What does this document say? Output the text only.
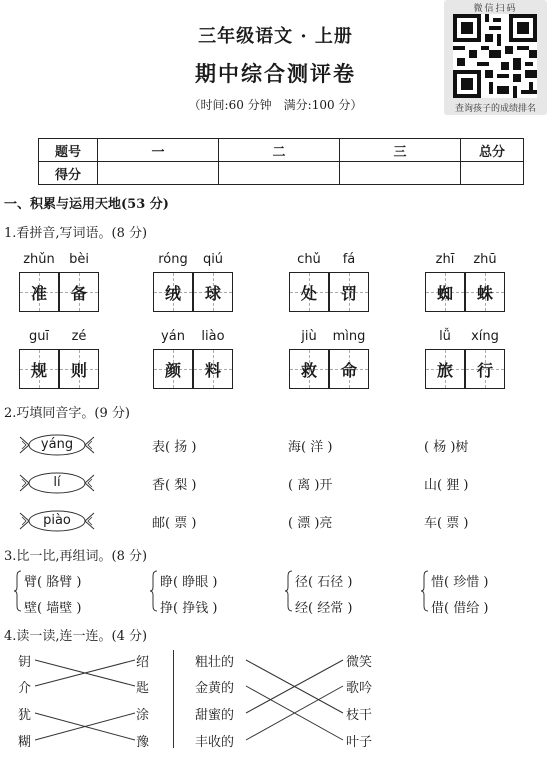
三年级语文 · 上册
期中综合测评卷
（时间:60 分钟　满分:100 分）
微信扫码
查询孩子的成绩排名
题号	一	二	三	总分
得分				
一、积累与运用天地(53 分)
1.看拼音,写词语。(8 分)
zhǔn	bèi
准 备
róng	qiú
绒 球
chǔ	fá
处 罚
zhī	zhū
蜘 蛛
guī	zé
规 则
yán	liào
颜 料
jiù	mìng
救 命
lǚ	xíng
旅 行
2.巧填同音字。(9 分)
yáng	表( 扬 )	海( 洋 )	( 杨 )树
lí	香( 梨 )	( 离 )开	山( 狸 )
piào	邮( 票 )	( 漂 )亮	车( 票 )
3.比一比,再组词。(8 分)
臂( 胳臂 )
壁( 墙壁 )
睁( 睁眼 )
挣( 挣钱 )
径( 石径 )
经( 经常 )
惜( 珍惜 )
借( 借给 )
4.读一读,连一连。(4 分)
钥	绍	粗壮的	微笑
介	匙	金黄的	歌吟
犹	涂	甜蜜的	枝干
糊	豫	丰收的	叶子
